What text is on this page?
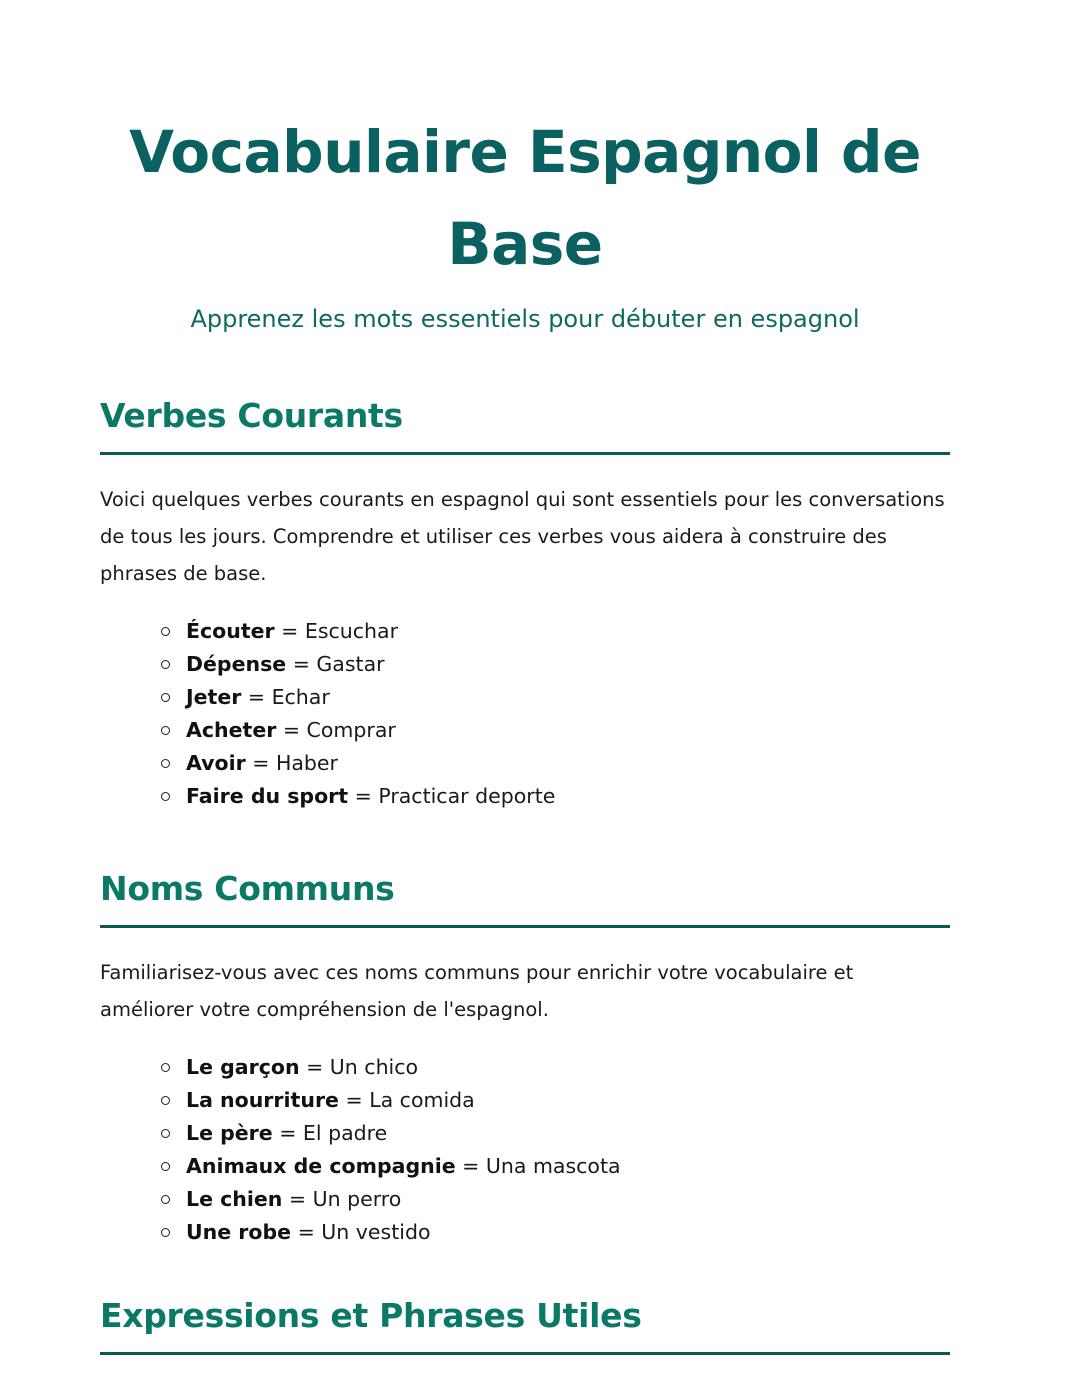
Vocabulaire Espagnol de Base

Apprenez les mots essentiels pour débuter en espagnol

Verbes Courants

Voici quelques verbes courants en espagnol qui sont essentiels pour les conversations de tous les jours. Comprendre et utiliser ces verbes vous aidera à construire des phrases de base.

Écouter = Escuchar
Dépense = Gastar
Jeter = Echar
Acheter = Comprar
Avoir = Haber
Faire du sport = Practicar deporte
Noms Communs

Familiarisez-vous avec ces noms communs pour enrichir votre vocabulaire et améliorer votre compréhension de l'espagnol.

Le garçon = Un chico
La nourriture = La comida
Le père = El padre
Animaux de compagnie = Una mascota
Le chien = Un perro
Une robe = Un vestido
Expressions et Phrases Utiles
